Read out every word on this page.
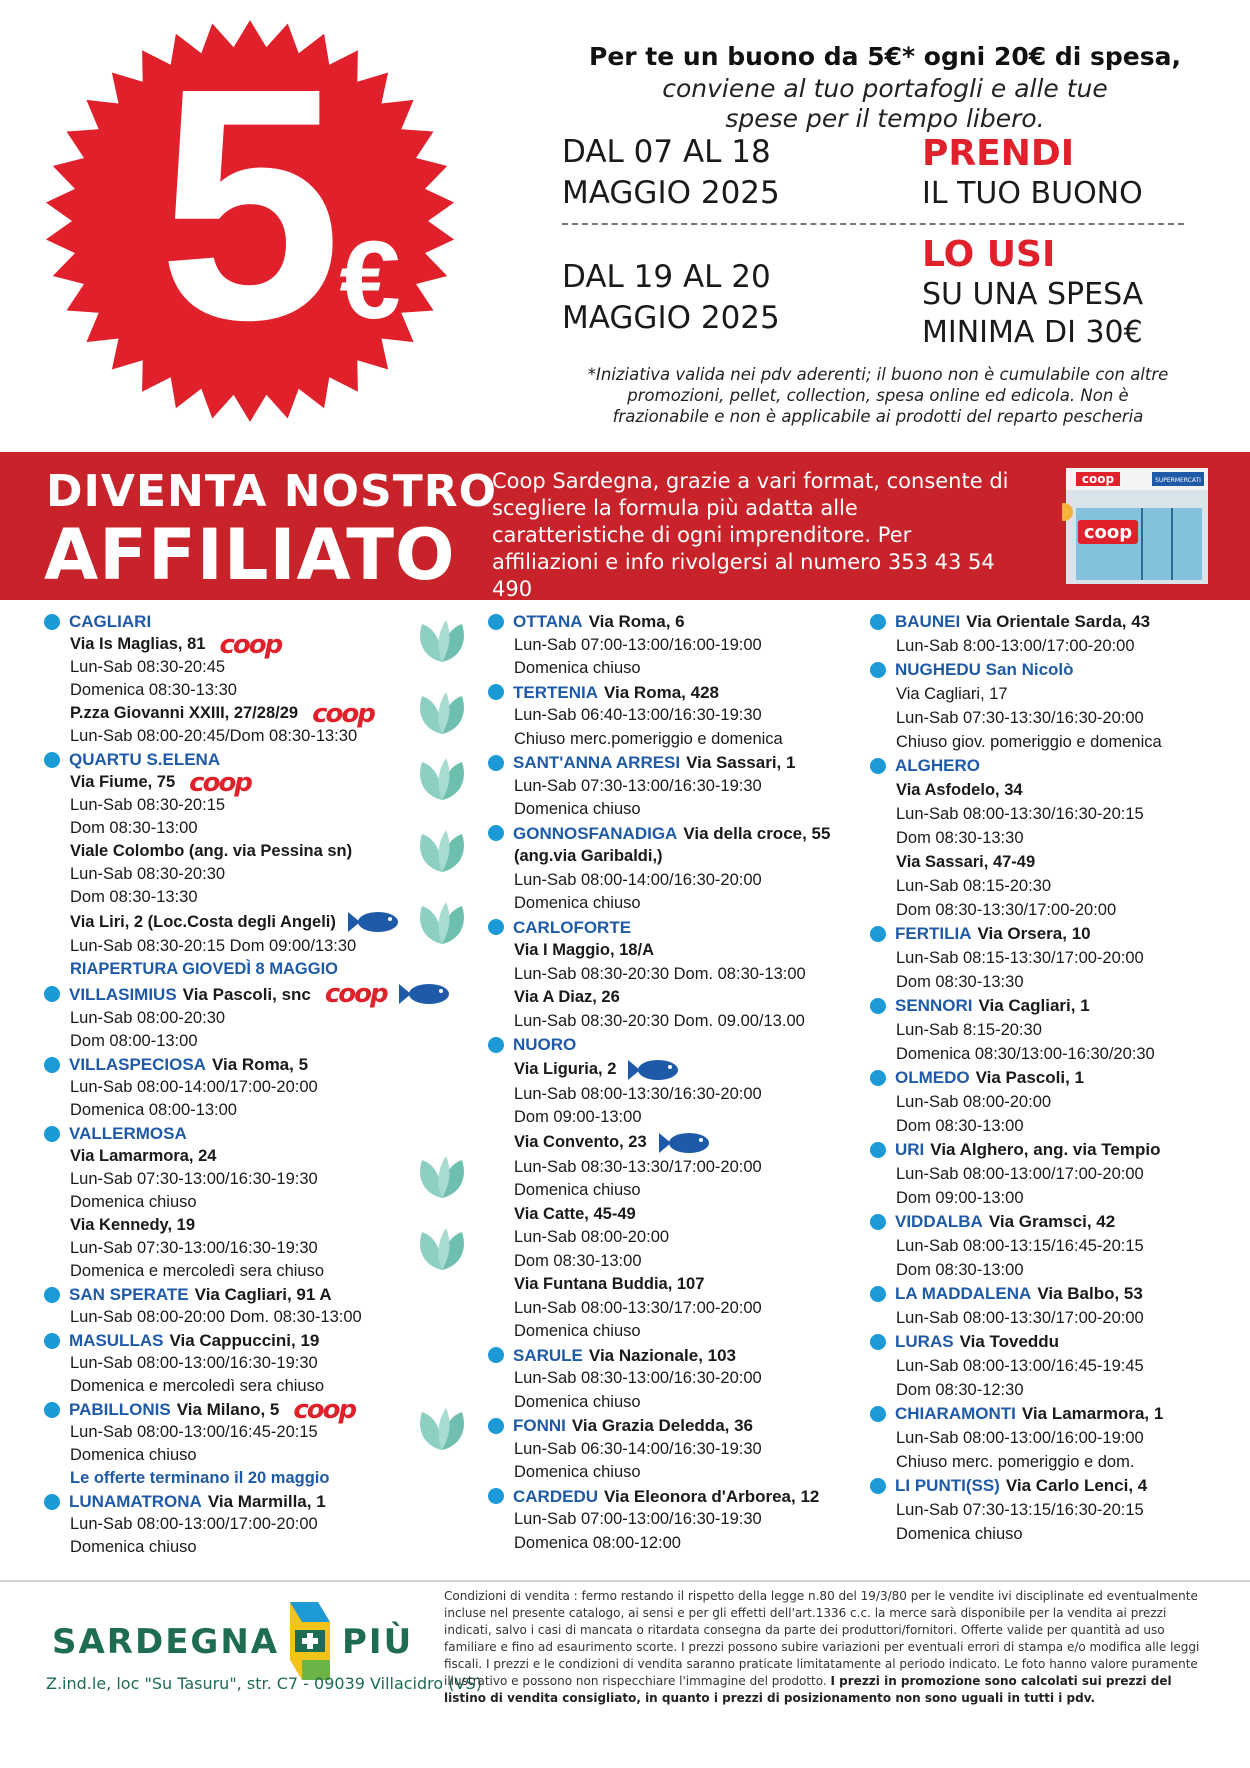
5
€
Per te un buono da 5€* ogni 20€ di spesa,
conviene al tuo portafogli e alle tue
spese per il tempo libero.
DAL 07 AL 18
MAGGIO 2025
PRENDI
IL TUO BUONO
DAL 19 AL 20
MAGGIO 2025
LO USI
SU UNA SPESA
MINIMA DI 30€
*Iniziativa valida nei pdv aderenti; il buono non è cumulabile con altre promozioni, pellet, collection, spesa online ed edicola. Non è frazionabile e non è applicabile ai prodotti del reparto pescheria
DIVENTA NOSTRO
AFFILIATO
Coop Sardegna, grazie a vari format, consente di scegliere la formula più adatta alle caratteristiche di ogni imprenditore. Per affiliazioni e info rivolgersi al numero 353 43 54 490
coop	SUPERMERCATI
coop
CAGLIARI
Via Is Maglias, 81 coop
Lun-Sab 08:30-20:45
Domenica 08:30-13:30
P.zza Giovanni XXIII, 27/28/29 coop
Lun-Sab 08:00-20:45/Dom 08:30-13:30
QUARTU S.ELENA
Via Fiume, 75 coop
Lun-Sab 08:30-20:15
Dom 08:30-13:00
Viale Colombo (ang. via Pessina sn)
Lun-Sab 08:30-20:30
Dom 08:30-13:30
Via Liri, 2 (Loc.Costa degli Angeli)
Lun-Sab 08:30-20:15 Dom 09:00/13:30
RIAPERTURA GIOVEDÌ 8 MAGGIO
VILLASIMIUS Via Pascoli, snc coop
Lun-Sab 08:00-20:30
Dom 08:00-13:00
VILLASPECIOSA Via Roma, 5
Lun-Sab 08:00-14:00/17:00-20:00
Domenica 08:00-13:00
VALLERMOSA
Via Lamarmora, 24
Lun-Sab 07:30-13:00/16:30-19:30
Domenica chiuso
Via Kennedy, 19
Lun-Sab 07:30-13:00/16:30-19:30
Domenica e mercoledì sera chiuso
SAN SPERATE Via Cagliari, 91 A
Lun-Sab 08:00-20:00 Dom. 08:30-13:00
MASULLAS Via Cappuccini, 19
Lun-Sab 08:00-13:00/16:30-19:30
Domenica e mercoledì sera chiuso
PABILLONIS Via Milano, 5 coop
Lun-Sab 08:00-13:00/16:45-20:15
Domenica chiuso
Le offerte terminano il 20 maggio
LUNAMATRONA Via Marmilla, 1
Lun-Sab 08:00-13:00/17:00-20:00
Domenica chiuso
OTTANA Via Roma, 6
Lun-Sab 07:00-13:00/16:00-19:00
Domenica chiuso
TERTENIA Via Roma, 428
Lun-Sab 06:40-13:00/16:30-19:30
Chiuso merc.pomeriggio e domenica
SANT'ANNA ARRESI Via Sassari, 1
Lun-Sab 07:30-13:00/16:30-19:30
Domenica chiuso
GONNOSFANADIGA Via della croce, 55
(ang.via Garibaldi,)
Lun-Sab 08:00-14:00/16:30-20:00
Domenica chiuso
CARLOFORTE
Via I Maggio, 18/A
Lun-Sab 08:30-20:30 Dom. 08:30-13:00
Via A Diaz, 26
Lun-Sab 08:30-20:30 Dom. 09.00/13.00
NUORO
Via Liguria, 2
Lun-Sab 08:00-13:30/16:30-20:00
Dom 09:00-13:00
Via Convento, 23
Lun-Sab 08:30-13:30/17:00-20:00
Domenica chiuso
Via Catte, 45-49
Lun-Sab 08:00-20:00
Dom 08:30-13:00
Via Funtana Buddia, 107
Lun-Sab 08:00-13:30/17:00-20:00
Domenica chiuso
SARULE Via Nazionale, 103
Lun-Sab 08:30-13:00/16:30-20:00
Domenica chiuso
FONNI Via Grazia Deledda, 36
Lun-Sab 06:30-14:00/16:30-19:30
Domenica chiuso
CARDEDU Via Eleonora d'Arborea, 12
Lun-Sab 07:00-13:00/16:30-19:30
Domenica 08:00-12:00
BAUNEI Via Orientale Sarda, 43
Lun-Sab 8:00-13:00/17:00-20:00
NUGHEDU San Nicolò
Via Cagliari, 17
Lun-Sab 07:30-13:30/16:30-20:00
Chiuso giov. pomeriggio e domenica
ALGHERO
Via Asfodelo, 34
Lun-Sab 08:00-13:30/16:30-20:15
Dom 08:30-13:30
Via Sassari, 47-49
Lun-Sab 08:15-20:30
Dom 08:30-13:30/17:00-20:00
FERTILIA Via Orsera, 10
Lun-Sab 08:15-13:30/17:00-20:00
Dom 08:30-13:30
SENNORI Via Cagliari, 1
Lun-Sab 8:15-20:30
Domenica 08:30/13:00-16:30/20:30
OLMEDO Via Pascoli, 1
Lun-Sab 08:00-20:00
Dom 08:30-13:00
URI Via Alghero, ang. via Tempio
Lun-Sab 08:00-13:00/17:00-20:00
Dom 09:00-13:00
VIDDALBA Via Gramsci, 42
Lun-Sab 08:00-13:15/16:45-20:15
Dom 08:30-13:00
LA MADDALENA Via Balbo, 53
Lun-Sab 08:00-13:30/17:00-20:00
LURAS Via Toveddu
Lun-Sab 08:00-13:00/16:45-19:45
Dom 08:30-12:30
CHIARAMONTI Via Lamarmora, 1
Lun-Sab 08:00-13:00/16:00-19:00
Chiuso merc. pomeriggio e dom.
LI PUNTI(SS) Via Carlo Lenci, 4
Lun-Sab 07:30-13:15/16:30-20:15
Domenica chiuso
SARDEGNA PIÙ
Z.ind.le, loc "Su Tasuru", str. C7 - 09039 Villacidro (VS)
Condizioni di vendita : fermo restando il rispetto della legge n.80 del 19/3/80 per le vendite ivi disciplinate ed eventualmente incluse nel presente catalogo, ai sensi e per gli effetti dell'art.1336 c.c. la merce sarà disponibile per la vendita ai prezzi indicati, salvo i casi di mancata o ritardata consegna da parte dei produttori/fornitori. Offerte valide per quantità ad uso familiare e fino ad esaurimento scorte. I prezzi possono subire variazioni per eventuali errori di stampa e/o modifica alle leggi fiscali. I prezzi e le condizioni di vendita saranno praticate limitatamente al periodo indicato. Le foto hanno valore puramente illustrativo e possono non rispecchiare l'immagine del prodotto. I prezzi in promozione sono calcolati sui prezzi del listino di vendita consigliato, in quanto i prezzi di posizionamento non sono uguali in tutti i pdv.
